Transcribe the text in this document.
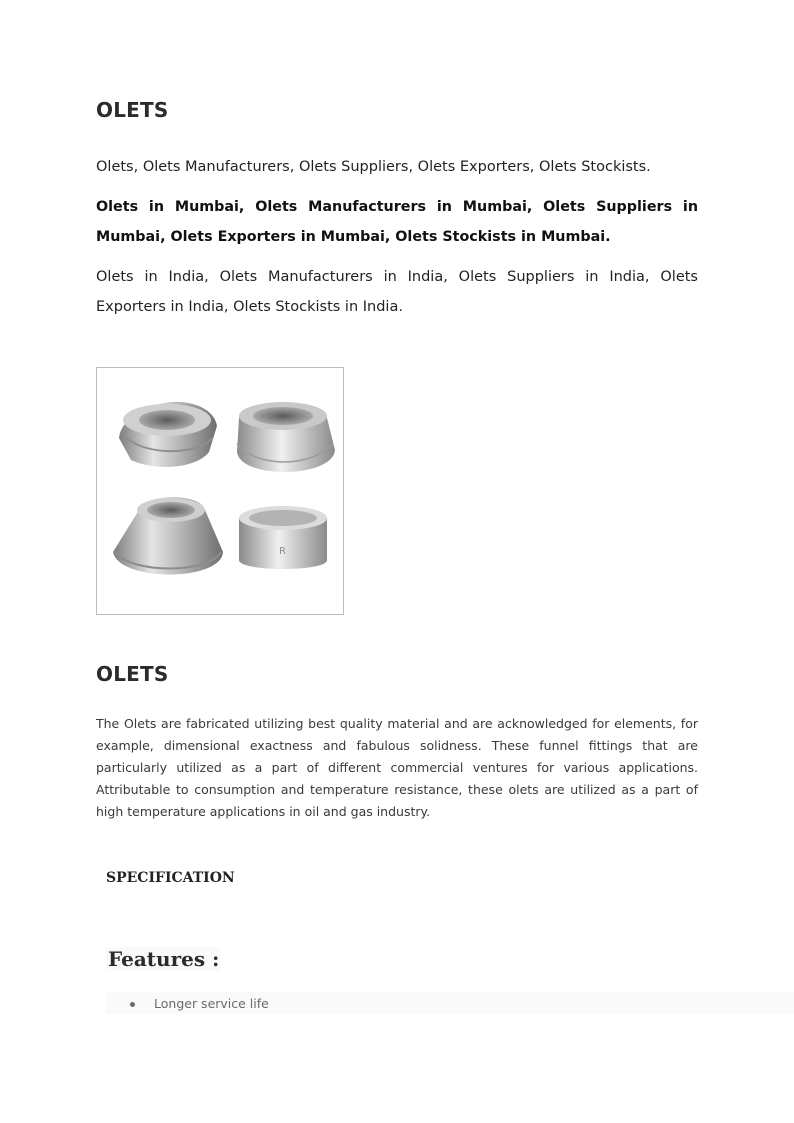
OLETS

Olets, Olets Manufacturers, Olets Suppliers, Olets Exporters, Olets Stockists.

Olets in Mumbai, Olets Manufacturers in Mumbai, Olets Suppliers in Mumbai, Olets Exporters in Mumbai, Olets Stockists in Mumbai.

Olets in India, Olets Manufacturers in India, Olets Suppliers in India, Olets Exporters in India, Olets Stockists in India.

R
OLETS

The Olets are fabricated utilizing best quality material and are acknowledged for elements, for example, dimensional exactness and fabulous solidness. These funnel fittings that are particularly utilized as a part of different commercial ventures for various applications. Attributable to consumption and temperature resistance, these olets are utilized as a part of high temperature applications in oil and gas industry.

SPECIFICATION
Features :
Longer service life
